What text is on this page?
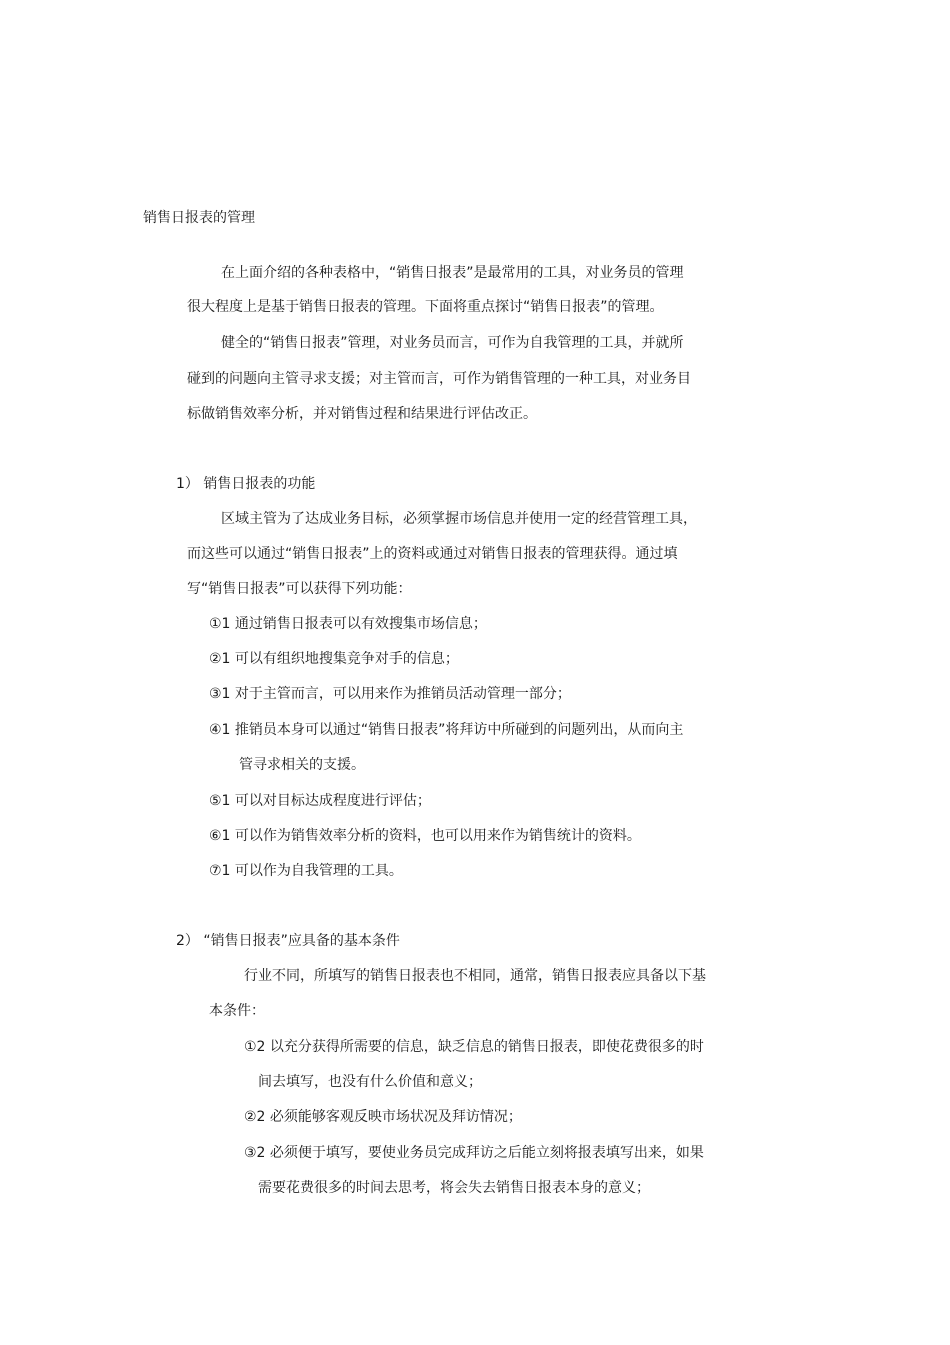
销售日报表的管理
在上面介绍的各种表格中，“销售日报表”是最常用的工具，对业务员的管理
很大程度上是基于销售日报表的管理。下面将重点探讨“销售日报表”的管理。
健全的“销售日报表”管理，对业务员而言，可作为自我管理的工具，并就所
碰到的问题向主管寻求支援；对主管而言，可作为销售管理的一种工具，对业务目
标做销售效率分析，并对销售过程和结果进行评估改正。
1） 销售日报表的功能
区域主管为了达成业务目标，必须掌握市场信息并使用一定的经营管理工具，
而这些可以通过“销售日报表”上的资料或通过对销售日报表的管理获得。通过填
写“销售日报表”可以获得下列功能：
①1 通过销售日报表可以有效搜集市场信息；
②1 可以有组织地搜集竞争对手的信息；
③1 对于主管而言，可以用来作为推销员活动管理一部分；
④1 推销员本身可以通过“销售日报表”将拜访中所碰到的问题列出，从而向主
管寻求相关的支援。
⑤1 可以对目标达成程度进行评估；
⑥1 可以作为销售效率分析的资料，也可以用来作为销售统计的资料。
⑦1 可以作为自我管理的工具。
2） “销售日报表”应具备的基本条件
行业不同，所填写的销售日报表也不相同，通常，销售日报表应具备以下基
本条件：
①2 以充分获得所需要的信息，缺乏信息的销售日报表，即使花费很多的时
间去填写，也没有什么价值和意义；
②2 必须能够客观反映市场状况及拜访情况；
③2 必须便于填写，要使业务员完成拜访之后能立刻将报表填写出来，如果
需要花费很多的时间去思考，将会失去销售日报表本身的意义；
